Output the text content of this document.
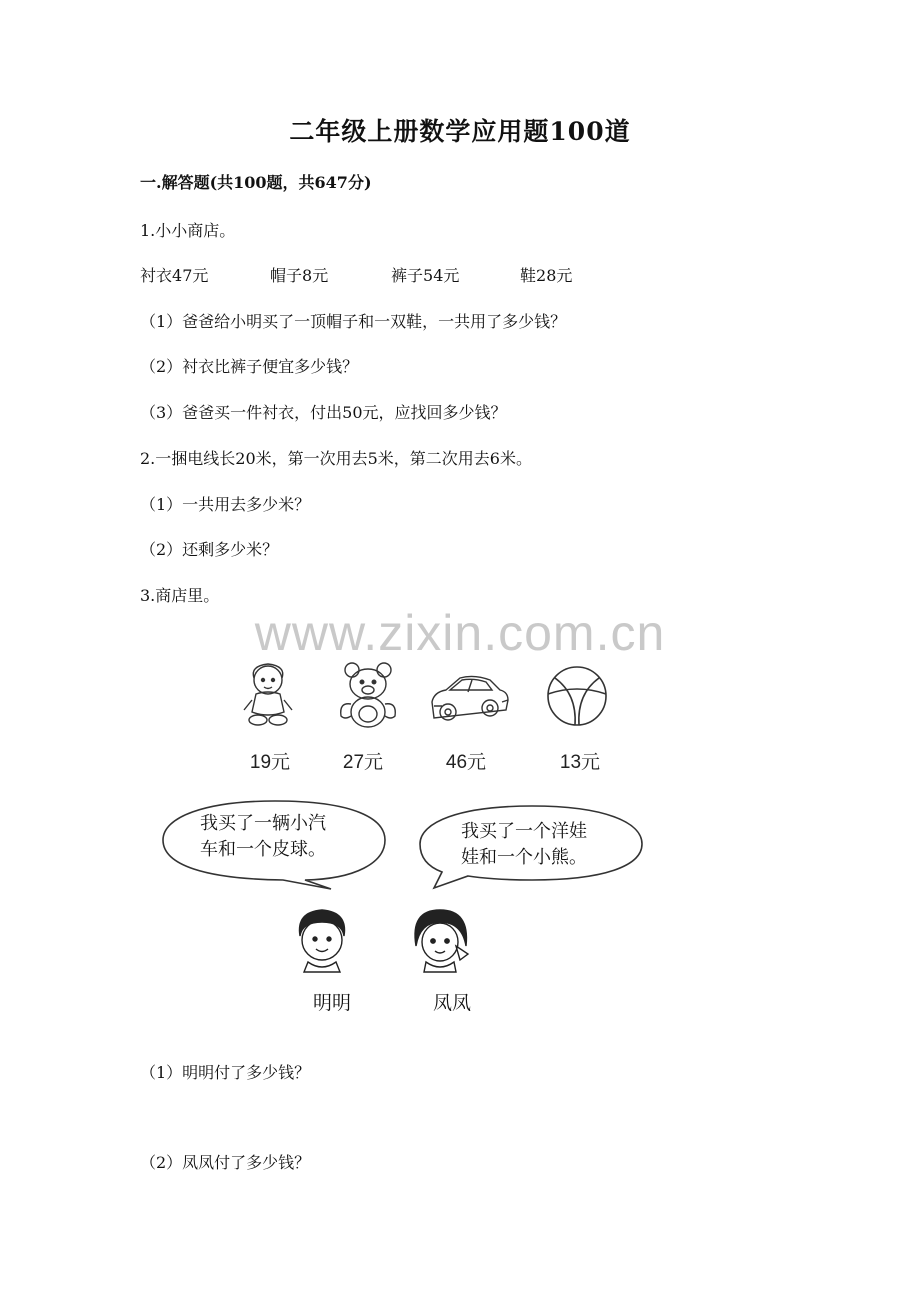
二年级上册数学应用题100道
一.解答题(共100题，共647分)
1.小小商店。
衬衣47元	帽子8元	裤子54元	鞋28元
（1）爸爸给小明买了一顶帽子和一双鞋，一共用了多少钱？
（2）衬衣比裤子便宜多少钱？
（3）爸爸买一件衬衣，付出50元，应找回多少钱？
2.一捆电线长20米，第一次用去5米，第二次用去6米。
（1）一共用去多少米？
（2）还剩多少米？
3.商店里。
www.zixin.com.cn
19元	27元	46元	13元
我买了一辆小汽
车和一个皮球。
我买了一个洋娃
娃和一个小熊。
明明	凤凤
（1）明明付了多少钱？
（2）凤凤付了多少钱？
